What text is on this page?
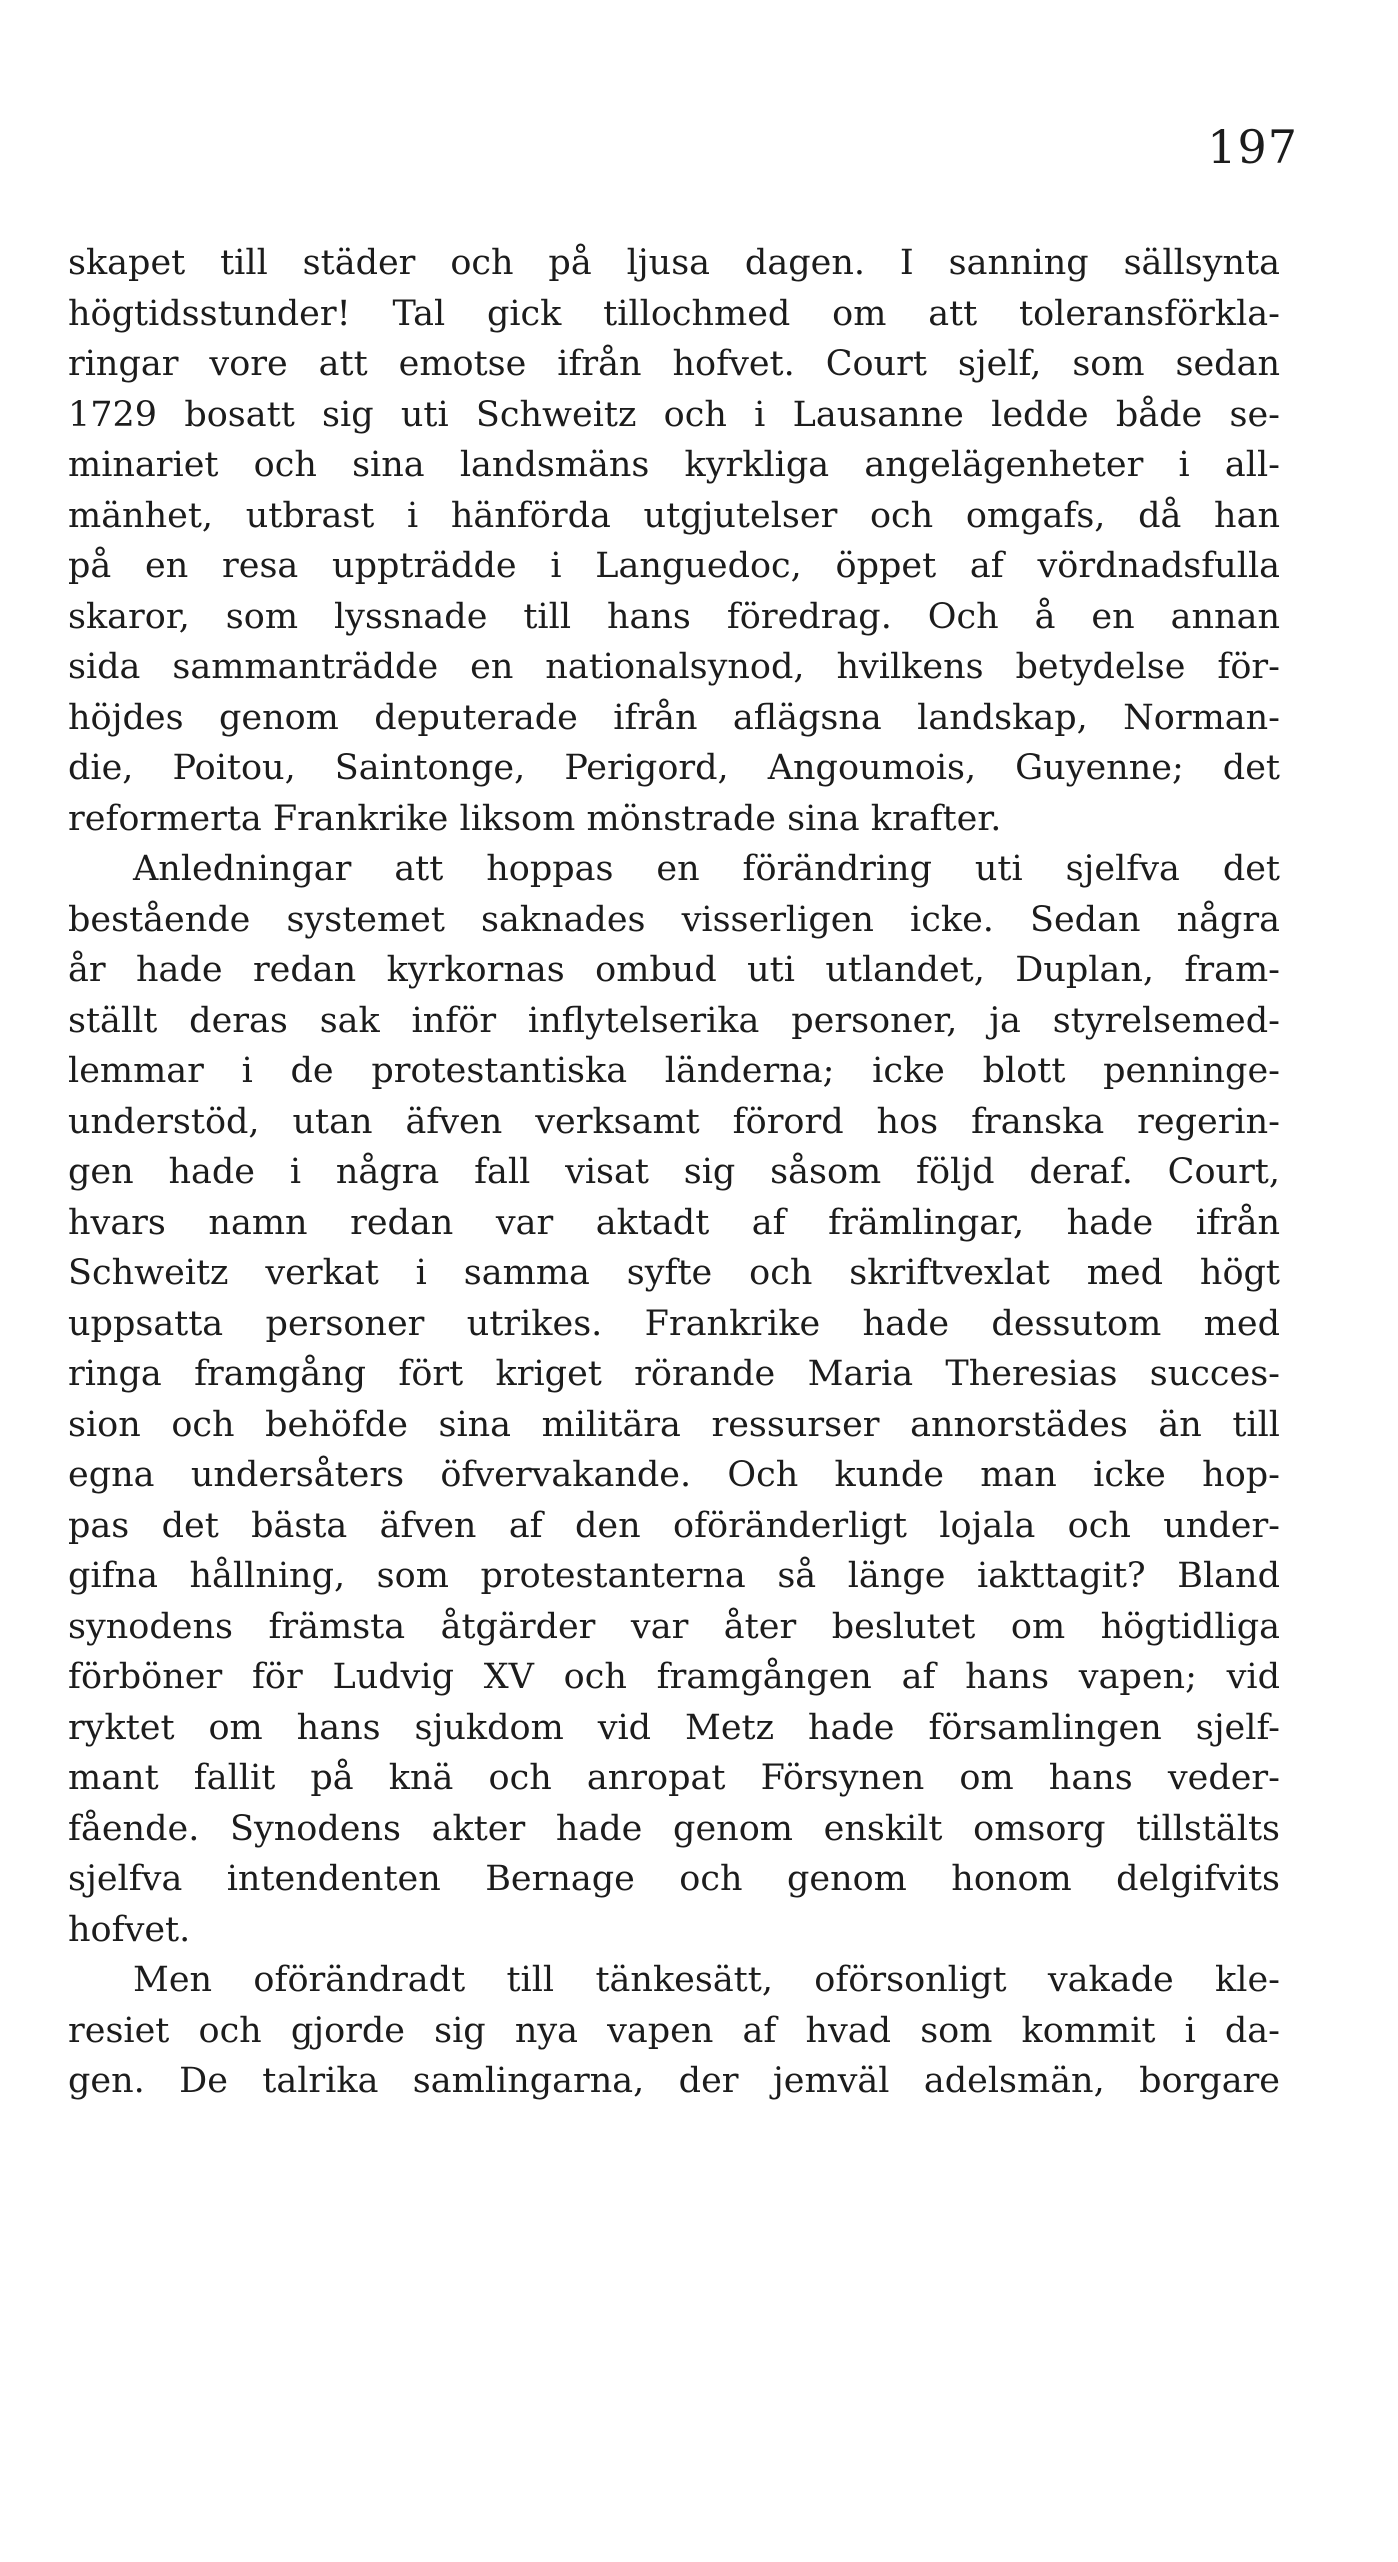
197
skapet till städer och på ljusa dagen. I sanning sällsynta
högtidsstunder! Tal gick tillochmed om att toleransförkla-
ringar vore att emotse ifrån hofvet. Court sjelf, som sedan
1729 bosatt sig uti Schweitz och i Lausanne ledde både se-
minariet och sina landsmäns kyrkliga angelägenheter i all-
mänhet, utbrast i hänförda utgjutelser och omgafs, då han
på en resa uppträdde i Languedoc, öppet af vördnadsfulla
skaror, som lyssnade till hans föredrag. Och å en annan
sida sammanträdde en nationalsynod, hvilkens betydelse för-
höjdes genom deputerade ifrån aflägsna landskap, Norman-
die, Poitou, Saintonge, Perigord, Angoumois, Guyenne; det
reformerta Frankrike liksom mönstrade sina krafter.
Anledningar att hoppas en förändring uti sjelfva det
bestående systemet saknades visserligen icke. Sedan några
år hade redan kyrkornas ombud uti utlandet, Duplan, fram-
ställt deras sak inför inflytelserika personer, ja styrelsemed-
lemmar i de protestantiska länderna; icke blott penninge-
understöd, utan äfven verksamt förord hos franska regerin-
gen hade i några fall visat sig såsom följd deraf. Court,
hvars namn redan var aktadt af främlingar, hade ifrån
Schweitz verkat i samma syfte och skriftvexlat med högt
uppsatta personer utrikes. Frankrike hade dessutom med
ringa framgång fört kriget rörande Maria Theresias succes-
sion och behöfde sina militära ressurser annorstädes än till
egna undersåters öfvervakande. Och kunde man icke hop-
pas det bästa äfven af den oföränderligt lojala och under-
gifna hållning, som protestanterna så länge iakttagit? Bland
synodens främsta åtgärder var åter beslutet om högtidliga
förböner för Ludvig XV och framgången af hans vapen; vid
ryktet om hans sjukdom vid Metz hade församlingen sjelf-
mant fallit på knä och anropat Försynen om hans veder-
fående. Synodens akter hade genom enskilt omsorg tillstälts
sjelfva intendenten Bernage och genom honom delgifvits
hofvet.
Men oförändradt till tänkesätt, oförsonligt vakade kle-
resiet och gjorde sig nya vapen af hvad som kommit i da-
gen. De talrika samlingarna, der jemväl adelsmän, borgare
